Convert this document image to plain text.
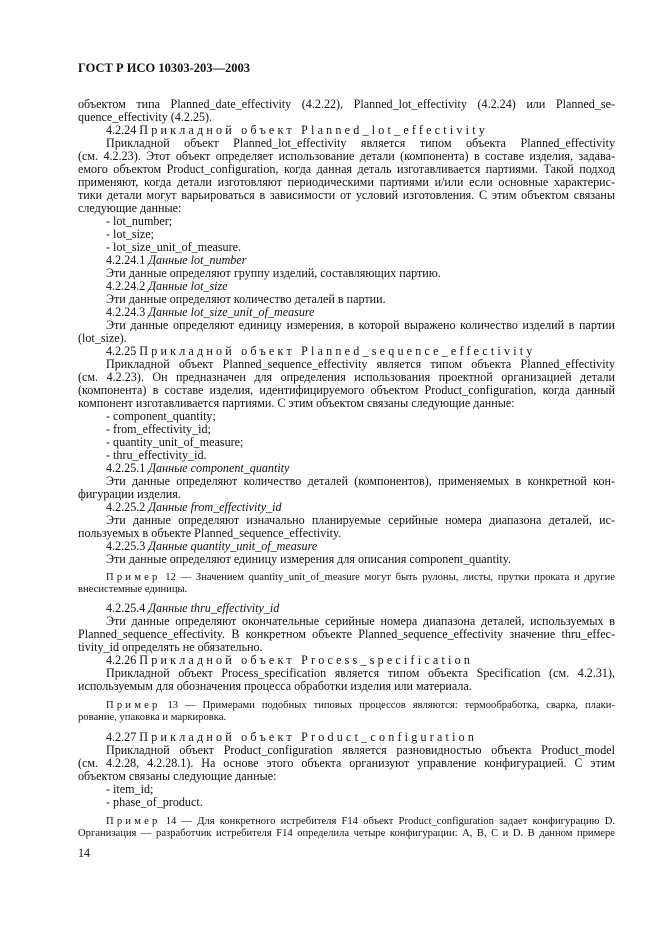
ГОСТ Р ИСО 10303-203—2003
объектом типа Planned_date_effectivity (4.2.22), Planned_lot_effectivity (4.2.24) или Planned_se-
quence_effectivity (4.2.25).
4.2.24 Прикладной объект Planned_lot_effectivity
Прикладной объект Planned_lot_effectivity является типом объекта Planned_effectivity
(см. 4.2.23). Этот объект определяет использование детали (компонента) в составе изделия, задава-
емого объектом Product_configuration, когда данная деталь изготавливается партиями. Такой подход
применяют, когда детали изготовляют периодическими партиями и/или если основные характерис-
тики детали могут варьироваться в зависимости от условий изготовления. С этим объектом связаны
следующие данные:
- lot_number;
- lot_size;
- lot_size_unit_of_measure.
4.2.24.1 Данные lot_number
Эти данные определяют группу изделий, составляющих партию.
4.2.24.2 Данные lot_size
Эти данные определяют количество деталей в партии.
4.2.24.3 Данные lot_size_unit_of_measure
Эти данные определяют единицу измерения, в которой выражено количество изделий в партии
(lot_size).
4.2.25 Прикладной объект Planned_sequence_effectivity
Прикладной объект Planned_sequence_effectivity является типом объекта Planned_effectivity
(см. 4.2.23). Он предназначен для определения использования проектной организацией детали
(компонента) в составе изделия, идентифицируемого объектом Product_configuration, когда данный
компонент изготавливается партиями. С этим объектом связаны следующие данные:
- component_quantity;
- from_effectivity_id;
- quantity_unit_of_measure;
- thru_effectivity_id.
4.2.25.1 Данные component_quantity
Эти данные определяют количество деталей (компонентов), применяемых в конкретной кон-
фигурации изделия.
4.2.25.2 Данные from_effectivity_id
Эти данные определяют изначально планируемые серийные номера диапазона деталей, ис-
пользуемых в объекте Planned_sequence_effectivity.
4.2.25.3 Данные quantity_unit_of_measure
Эти данные определяют единицу измерения для описания component_quantity.
Пример 12 — Значением quantity_unit_of_measure могут быть рулоны, листы, прутки проката и другие
внесистемные единицы.
4.2.25.4 Данные thru_effectivity_id
Эти данные определяют окончательные серийные номера диапазона деталей, используемых в
Planned_sequence_effectivity. В конкретном объекте Planned_sequence_effectivity значение thru_effec-
tivity_id определять не обязательно.
4.2.26 Прикладной объект Process_specification
Прикладной объект Process_specification является типом объекта Specification (см. 4.2.31),
используемым для обозначения процесса обработки изделия или материала.
Пример 13 — Примерами подобных типовых процессов являются: термообработка, сварка, плаки-
рование, упаковка и маркировка.
4.2.27 Прикладной объект Product_configuration
Прикладной объект Product_configuration является разновидностью объекта Product_model
(см. 4.2.28, 4.2.28.1). На основе этого объекта организуют управление конфигурацией. С этим
объектом связаны следующие данные:
- item_id;
- phase_of_product.
Пример 14 — Для конкретного истребителя F14 объект Product_configuration задает конфигурацию D.
Организация — разработчик истребителя F14 определила четыре конфигурации: А, В, С и D. В данном примере
14
